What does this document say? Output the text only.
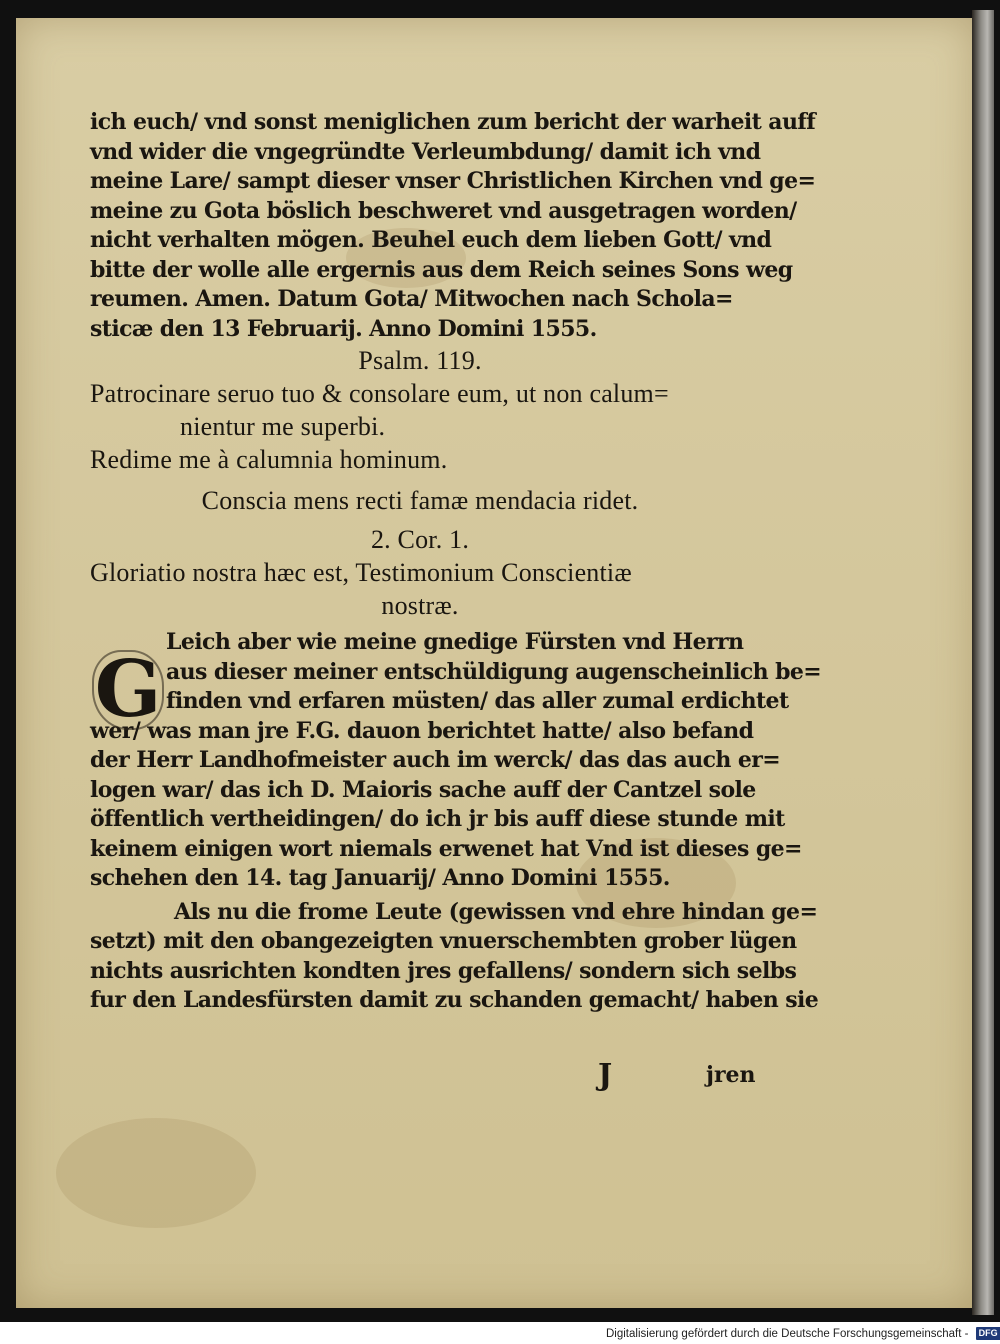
ich euch/ vnd sonst meniglichen zum bericht der warheit auff
vnd wider die vngegründte Verleumbdung/ damit ich vnd
meine Lare/ sampt dieser vnser Christlichen Kirchen vnd ge=
meine zu Gota böslich beschweret vnd ausgetragen worden/
nicht verhalten mögen. Beuhel euch dem lieben Gott/ vnd
bitte der wolle alle ergernis aus dem Reich seines Sons weg
reumen. Amen. Datum Gota/ Mitwochen nach Schola=
sticæ den 13 Februarij. Anno Domini 1555.
Psalm. 119.
Patrocinare seruo tuo & consolare eum, ut non calum=
nientur me superbi.
Redime me à calumnia hominum.
Conscia mens recti famæ mendacia ridet.
2. Cor. 1.
Gloriatio nostra hæc est, Testimonium Conscientiæ
nostræ.
Leich aber wie meine gnedige Fürsten vnd Herrn
aus dieser meiner entschüldigung augenscheinlich be=
finden vnd erfaren müsten/ das aller zumal erdichtet
wer/ was man jre F.G. dauon berichtet hatte/ also befand
der Herr Landhofmeister auch im werck/ das das auch er=
logen war/ das ich D. Maioris sache auff der Cantzel sole
öffentlich vertheidingen/ do ich jr bis auff diese stunde mit
keinem einigen wort niemals erwenet hat Vnd ist dieses ge=
schehen den 14. tag Januarij/ Anno Domini 1555.
Als nu die frome Leute (gewissen vnd ehre hindan ge=
setzt) mit den obangezeigten vnuerschembten grober lügen
nichts ausrichten kondten jres gefallens/ sondern sich selbs
fur den Landesfürsten damit zu schanden gemacht/ haben sie
G
J	jren
Digitalisierung gefördert durch die Deutsche Forschungsgemeinschaft - DFG
